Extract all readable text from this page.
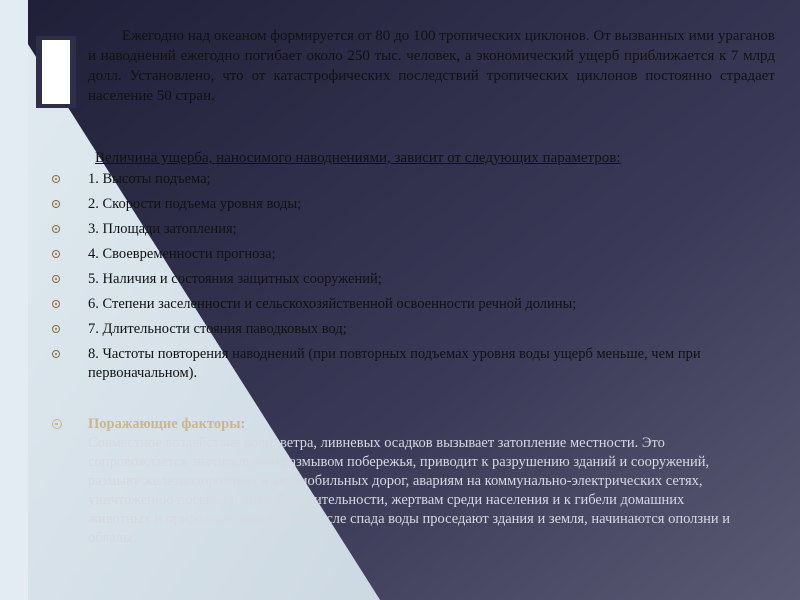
Ежегодно над океаном формируется от 80 до 100 тропических циклонов. От вызванных ими ураганов и наводнений ежегодно погибает около 250 тыс. человек, а экономический ущерб приближается к 7 млрд долл. Установлено, что от катастрофических последствий тропических циклонов постоянно страдает население 50 стран.
Величина ущерба, наносимого наводнениями, зависит от следующих параметров:
1. Высоты подъема;
2. Скорости подъема уровня воды;
3. Площади затопления;
4. Своевременности прогноза;
5. Наличия и состояния защитных сооружений;
6. Степени заселенности и сельскохозяйственной освоенности речной долины;
7. Длительности стояния паводковых вод;
8. Частоты повторения наводнений (при повторных подъемах уровня воды ущерб меньше, чем при первоначальном).
Поражающие факторы:
Совместное воздействие волн, ветра, ливневых осадков вызывает затопление местности. Это сопровождается значительным размывом побережья, приводит к разрушению зданий и сооружений, размыву железнодорожных и автомобильных дорог, авариям на коммунально-электрических сетях, уничтожению посевов и другой растительности, жертвам среди населения и к гибели домашних животных и природных экосистем. После спада воды проседают здания и земля, начинаются оползни и обвалы.
